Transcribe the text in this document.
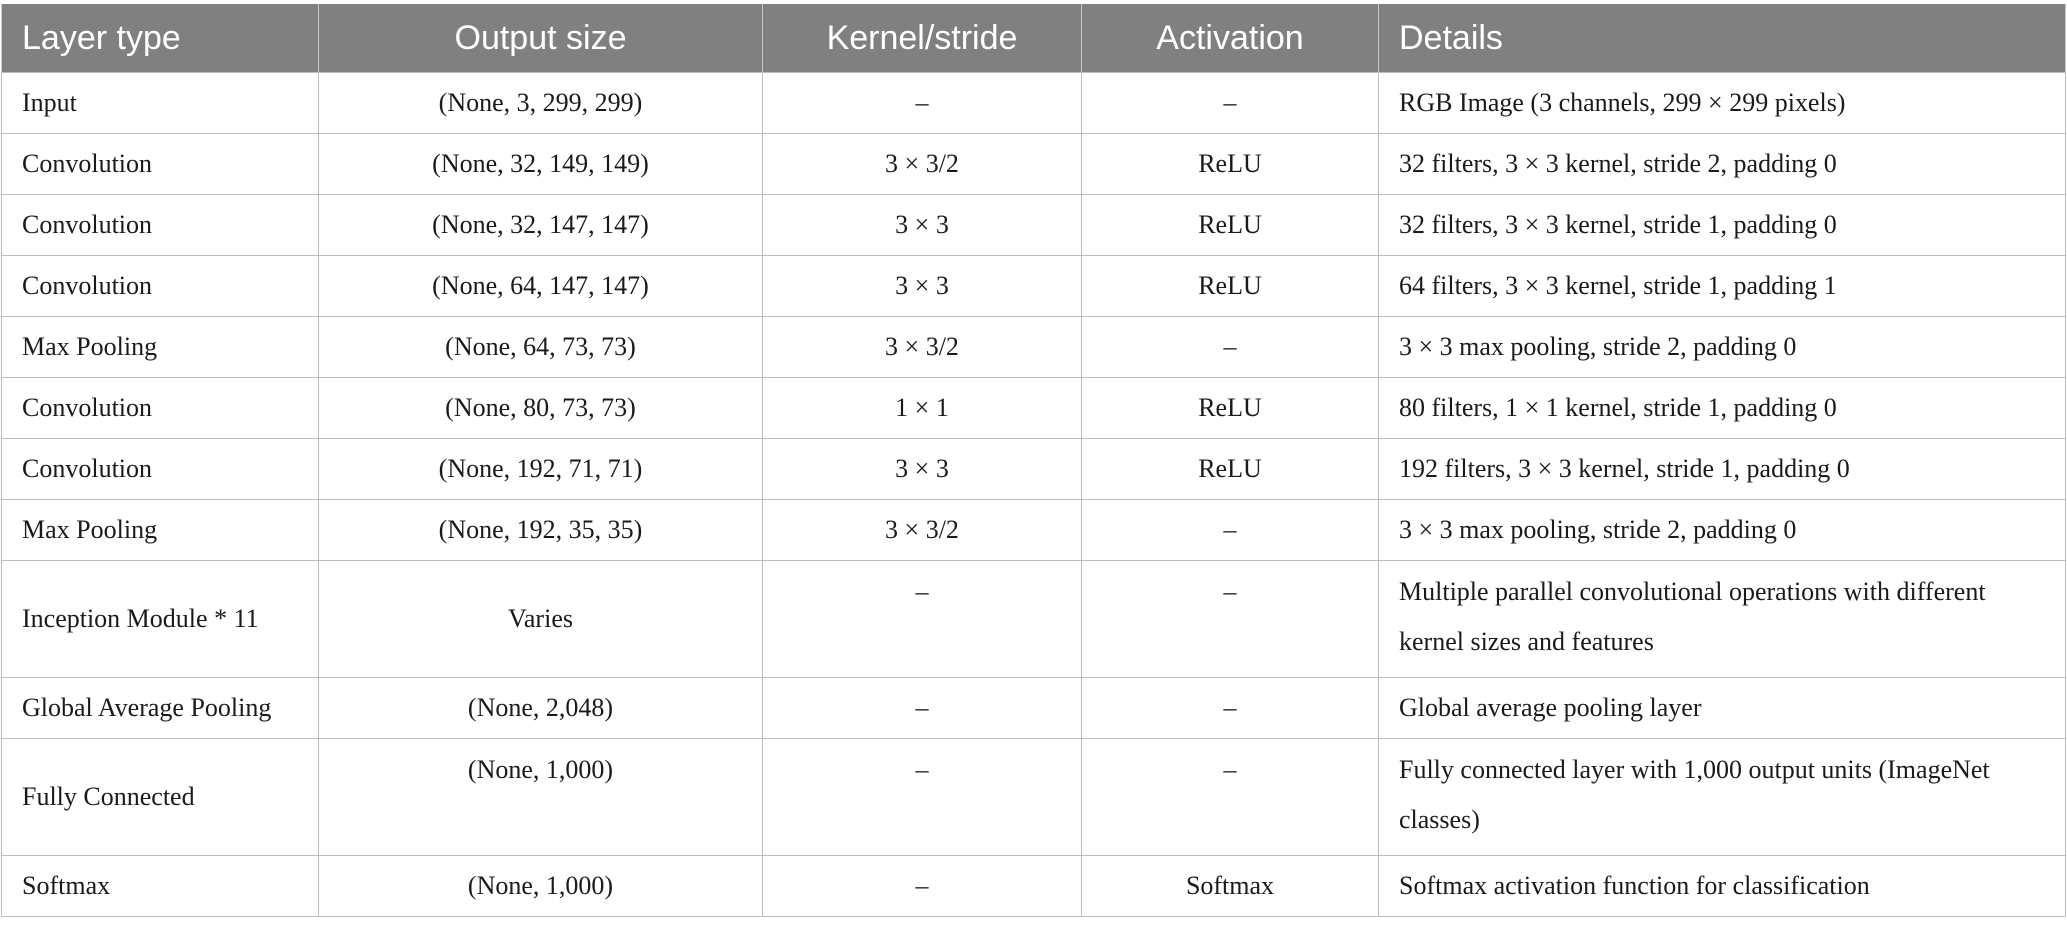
Layer type	Output size	Kernel/stride	Activation	Details
Input	(None, 3, 299, 299)	–	–	RGB Image (3 channels, 299 × 299 pixels)
Convolution	(None, 32, 149, 149)	3 × 3/2	ReLU	32 filters, 3 × 3 kernel, stride 2, padding 0
Convolution	(None, 32, 147, 147)	3 × 3	ReLU	32 filters, 3 × 3 kernel, stride 1, padding 0
Convolution	(None, 64, 147, 147)	3 × 3	ReLU	64 filters, 3 × 3 kernel, stride 1, padding 1
Max Pooling	(None, 64, 73, 73)	3 × 3/2	–	3 × 3 max pooling, stride 2, padding 0
Convolution	(None, 80, 73, 73)	1 × 1	ReLU	80 filters, 1 × 1 kernel, stride 1, padding 0
Convolution	(None, 192, 71, 71)	3 × 3	ReLU	192 filters, 3 × 3 kernel, stride 1, padding 0
Max Pooling	(None, 192, 35, 35)	3 × 3/2	–	3 × 3 max pooling, stride 2, padding 0
Inception Module * 11	Varies	–	–	Multiple parallel convolutional operations with different kernel sizes and features
Global Average Pooling	(None, 2,048)	–	–	Global average pooling layer
Fully Connected	(None, 1,000)	–	–	Fully connected layer with 1,000 output units (ImageNet classes)
Softmax	(None, 1,000)	–	Softmax	Softmax activation function for classification
